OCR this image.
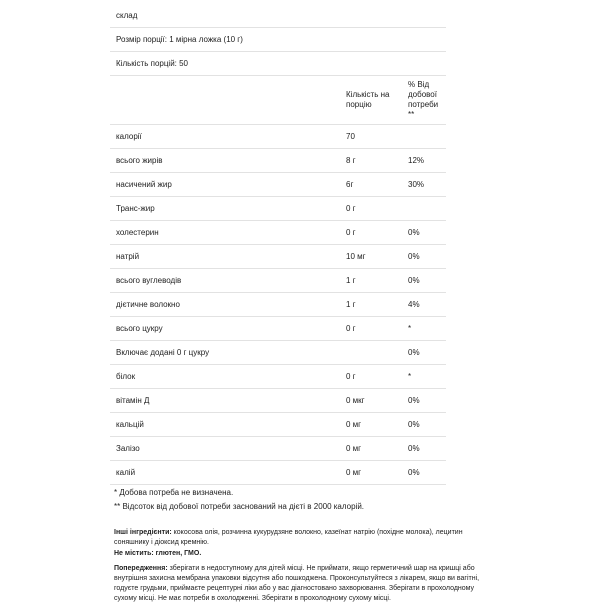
склад		
Розмір порції: 1 мірна ложка (10 г)		
Кількість порцій: 50		
	Кількість на порцію	% Від добової потреби **
калорії	70	
всього жирів	8 г	12%
насичений жир	6г	30%
Транс-жир	0 г	
холестерин	0 г	0%
натрій	10 мг	0%
всього вуглеводів	1 г	0%
дієтичне волокно	1 г	4%
всього цукру	0 г	*
Включає додані 0 г цукру		0%
білок	0 г	*
вітамін Д	0 мкг	0%
кальцій	0 мг	0%
Залізо	0 мг	0%
калій	0 мг	0%
* Добова потреба не визначена.
** Відсоток від добової потреби заснований на дієті в 2000 калорій.
Інші інгредієнти: кокосова олія, розчинна кукурудзяне волокно, казеїнат натрію (похідне молока), лецитин соняшнику і діоксид кремнію.
Не містить: глютен, ГМО.
Попередження: зберігати в недоступному для дітей місці. Не приймати, якщо герметичний шар на кришці або внутрішня захисна мембрана упаковки відсутня або пошкоджена. Проконсультуйтеся з лікарем, якщо ви вагітні, годуєте грудьми, приймаєте рецептурні ліки або у вас діагностовано захворювання. Зберігати в прохолодному сухому місці. Не має потреби в охолодженні. Зберігати в прохолодному сухому місці.
